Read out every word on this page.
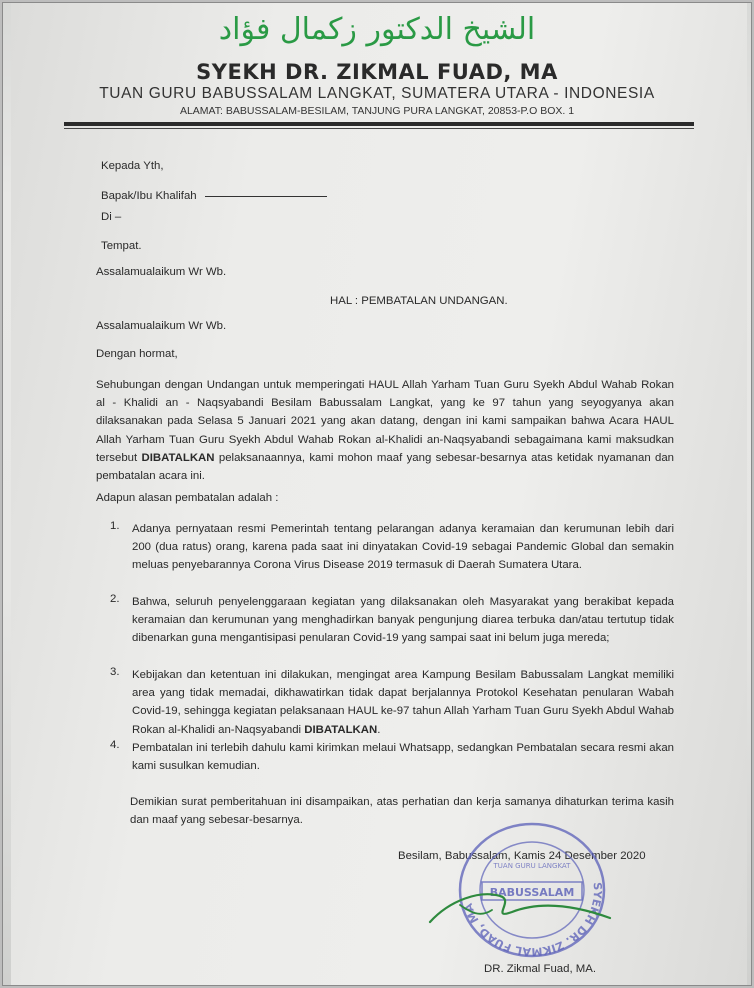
الشيخ الدكتور زكمال فؤاد
SYEKH DR. ZIKMAL FUAD, MA
TUAN GURU BABUSSALAM LANGKAT, SUMATERA UTARA - INDONESIA
ALAMAT: BABUSSALAM-BESILAM, TANJUNG PURA LANGKAT, 20853-P.O BOX. 1
Kepada Yth,
Bapak/Ibu Khalifah
Di –
Tempat.
Assalamualaikum Wr Wb.
HAL : PEMBATALAN UNDANGAN.
Assalamualaikum Wr Wb.
Dengan hormat,
Sehubungan dengan Undangan untuk memperingati HAUL Allah Yarham Tuan Guru Syekh Abdul Wahab Rokan al - Khalidi an - Naqsyabandi Besilam Babussalam Langkat, yang ke 97 tahun yang seyogyanya akan dilaksanakan pada Selasa 5 Januari 2021 yang akan datang, dengan ini kami sampaikan bahwa Acara HAUL Allah Yarham Tuan Guru Syekh Abdul Wahab Rokan al-Khalidi an-Naqsyabandi sebagaimana kami maksudkan tersebut DIBATALKAN pelaksanaannya, kami mohon maaf yang sebesar-besarnya atas ketidak nyamanan dan pembatalan acara ini.
Adapun alasan pembatalan adalah :
1. Adanya pernyataan resmi Pemerintah tentang pelarangan adanya keramaian dan kerumunan lebih dari 200 (dua ratus) orang, karena pada saat ini dinyatakan Covid-19 sebagai Pandemic Global dan semakin meluas penyebarannya Corona Virus Disease 2019 termasuk di Daerah Sumatera Utara.
2. Bahwa, seluruh penyelenggaraan kegiatan yang dilaksanakan oleh Masyarakat yang berakibat kepada keramaian dan kerumunan yang menghadirkan banyak pengunjung diarea terbuka dan/atau tertutup tidak dibenarkan guna mengantisipasi penularan Covid-19 yang sampai saat ini belum juga mereda;
3. Kebijakan dan ketentuan ini dilakukan, mengingat area Kampung Besilam Babussalam Langkat memiliki area yang tidak memadai, dikhawatirkan tidak dapat berjalannya Protokol Kesehatan penularan Wabah Covid-19, sehingga kegiatan pelaksanaan HAUL ke-97 tahun Allah Yarham Tuan Guru Syekh Abdul Wahab Rokan al-Khalidi an-Naqsyabandi DIBATALKAN.
4. Pembatalan ini terlebih dahulu kami kirimkan melaui Whatsapp, sedangkan Pembatalan secara resmi akan kami susulkan kemudian.
Demikian surat pemberitahuan ini disampaikan, atas perhatian dan kerja samanya dihaturkan terima kasih dan maaf yang sebesar-besarnya.
Besilam, Babussalam, Kamis 24 Desember 2020
SYEKH DR. ZIKMAL FUAD, MA
BABUSSALAM
TUAN GURU LANGKAT
DR. Zikmal Fuad, MA.
